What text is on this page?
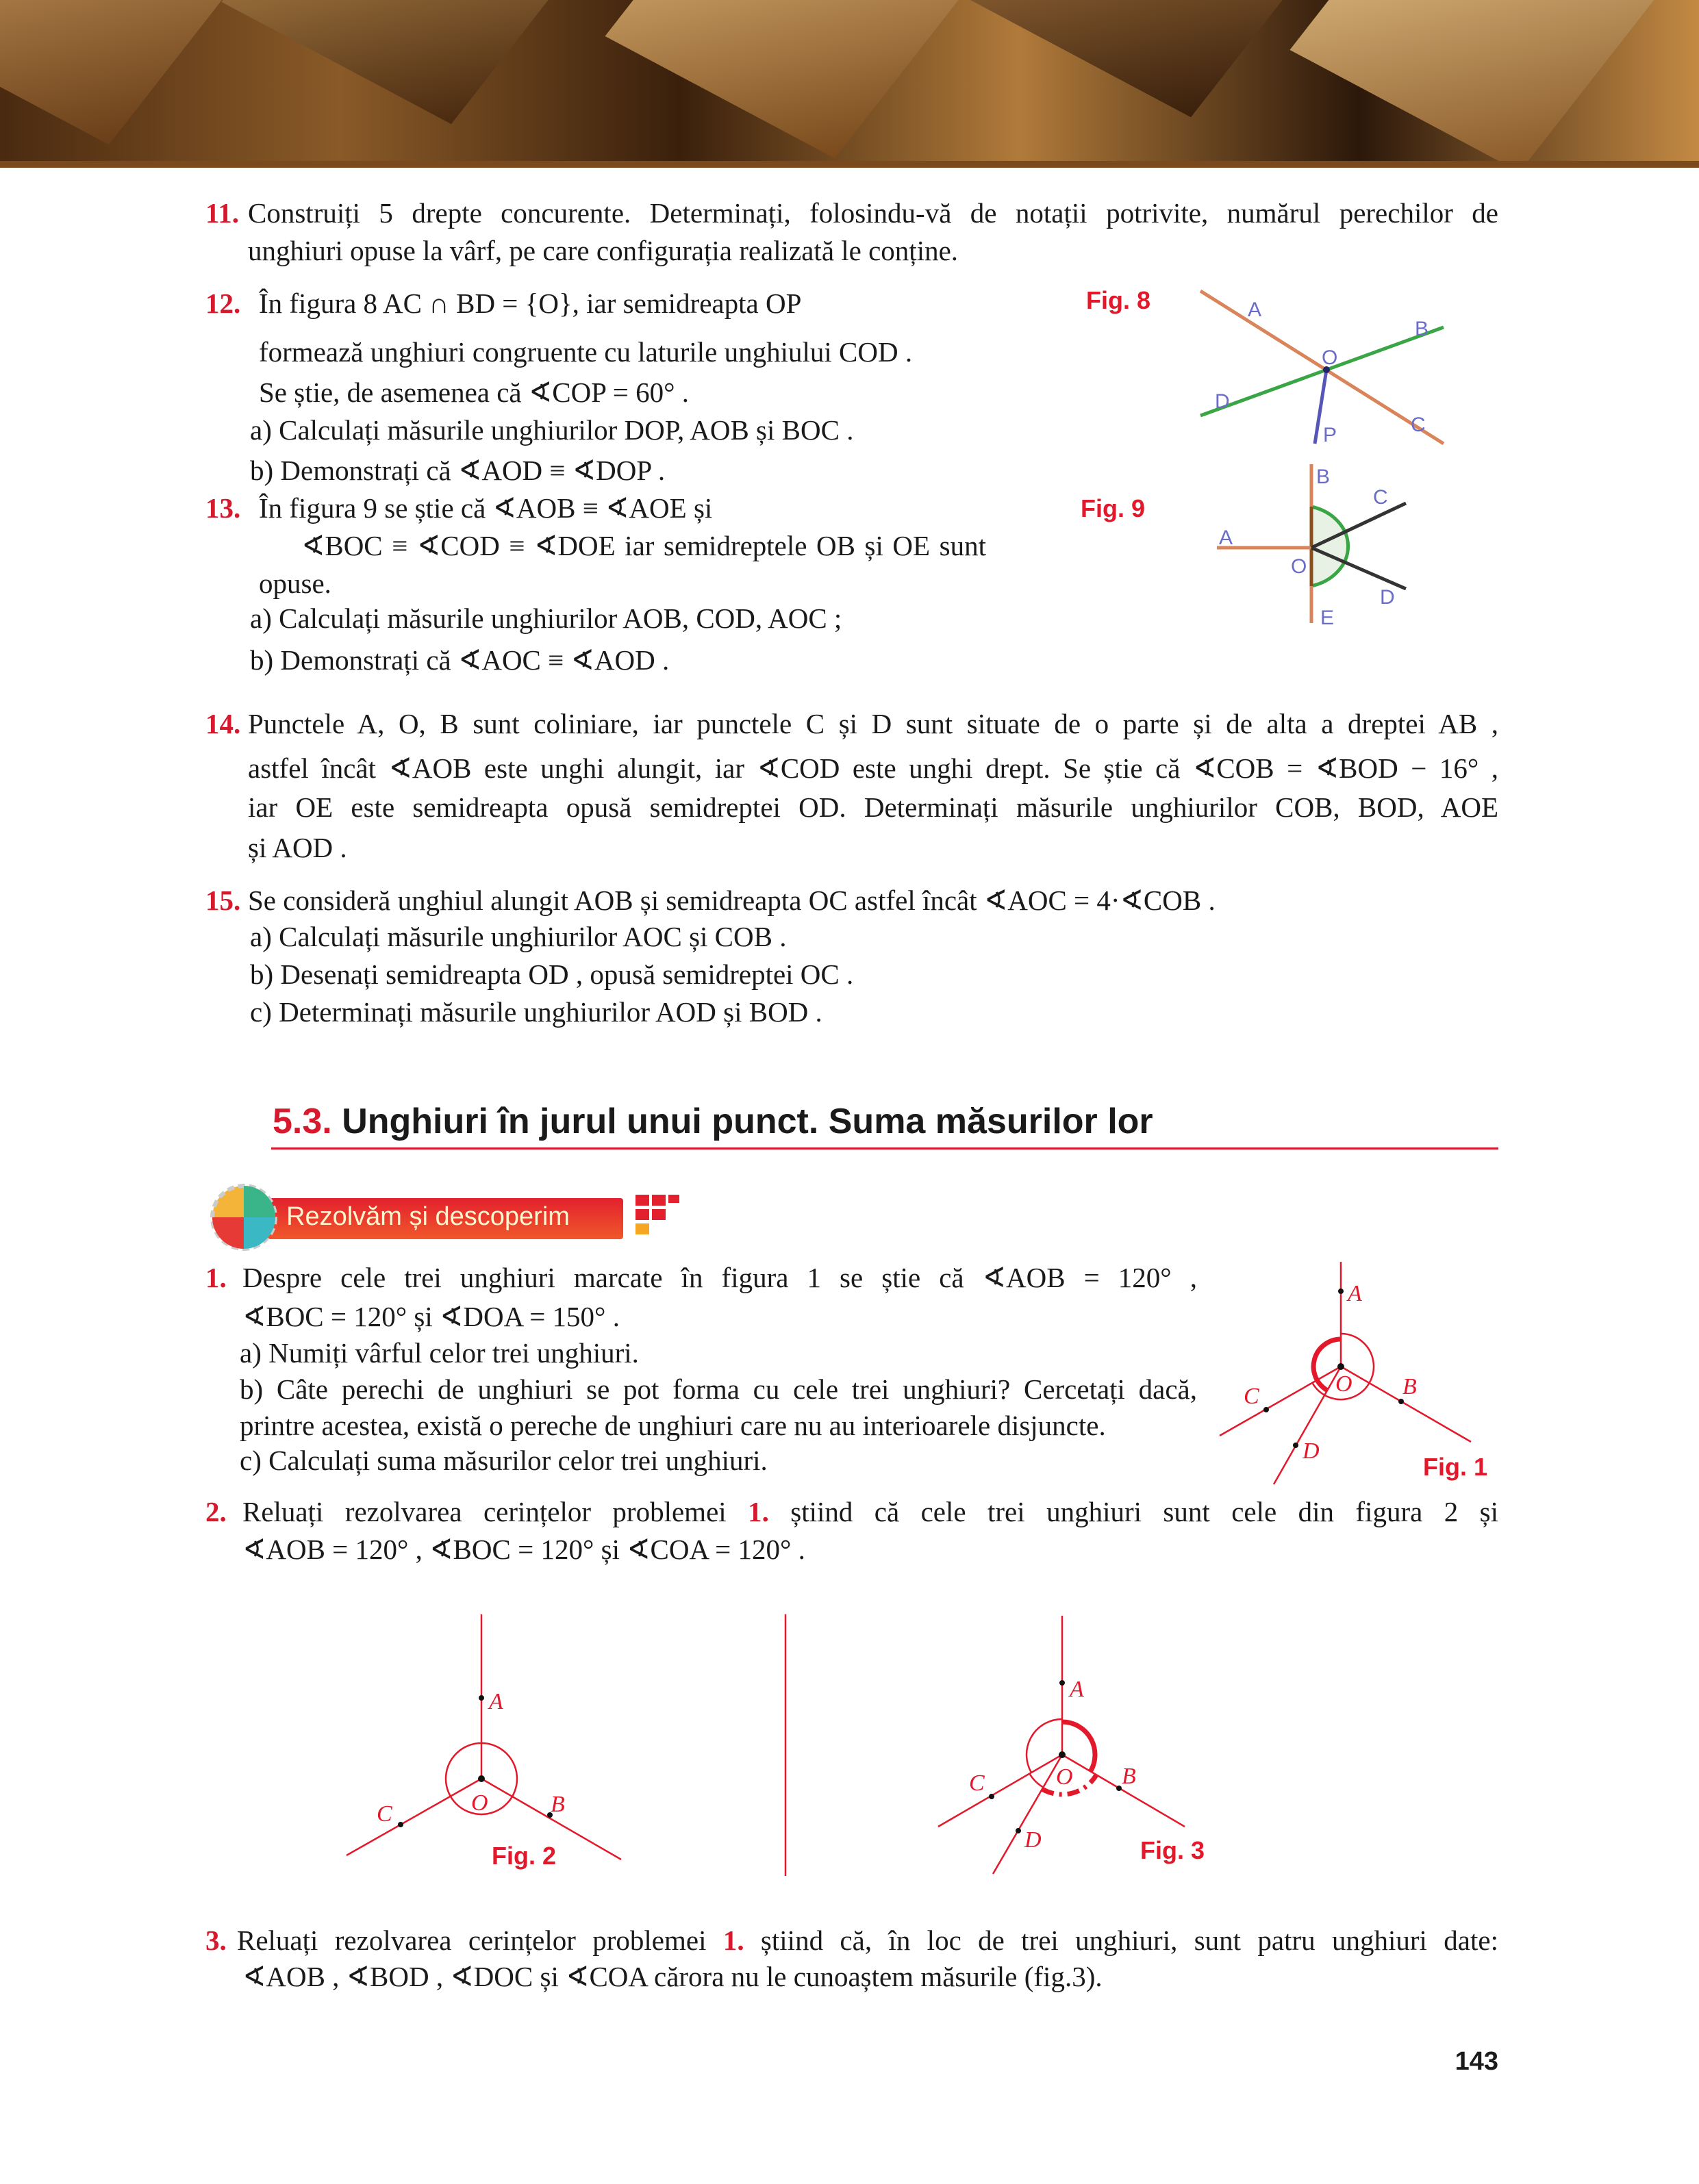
11. Construiți 5 drepte concurente. Determinați, folosindu-vă de notații potrivite, numărul perechilor de
unghiuri opuse la vârf, pe care configurația realizată le conține.
12. În figura 8 AC ∩ BD = {O}, iar semidreapta OP
formează unghiuri congruente cu laturile unghiului COD .
Se știe, de asemenea că ∢COP = 60° .
a) Calculați măsurile unghiurilor DOP, AOB și BOC .
b) Demonstrați că ∢AOD ≡ ∢DOP .
Fig. 8
13. În figura 9 se știe că ∢AOB ≡ ∢AOE și
∢BOC ≡ ∢COD ≡ ∢DOE iar semidreptele OB și OE sunt
opuse.
a) Calculați măsurile unghiurilor AOB, COD, AOC ;
b) Demonstrați că ∢AOC ≡ ∢AOD .
Fig. 9
14. Punctele A, O, B sunt coliniare, iar punctele C și D sunt situate de o parte și de alta a dreptei AB ,
astfel încât ∢AOB este unghi alungit, iar ∢COD este unghi drept. Se știe că ∢COB = ∢BOD − 16° ,
iar OE este semidreapta opusă semidreptei OD. Determinați măsurile unghiurilor COB, BOD, AOE
și AOD .
15. Se consideră unghiul alungit AOB și semidreapta OC astfel încât ∢AOC = 4·∢COB .
a) Calculați măsurile unghiurilor AOC și COB .
b) Desenați semidreapta OD , opusă semidreptei OC .
c) Determinați măsurile unghiurilor AOD și BOD .
5.3. Unghiuri în jurul unui punct. Suma măsurilor lor
Rezolvăm și descoperim
1. Despre cele trei unghiuri marcate în figura 1 se știe că ∢AOB = 120° ,
∢BOC = 120° și ∢DOA = 150° .
a) Numiți vârful celor trei unghiuri.
b) Câte perechi de unghiuri se pot forma cu cele trei unghiuri? Cercetați dacă,
printre acestea, există o pereche de unghiuri care nu au interioarele disjuncte.
c) Calculați suma măsurilor celor trei unghiuri.	Fig. 1
2. Reluați rezolvarea cerințelor problemei 1. știind că cele trei unghiuri sunt cele din figura 2 și
∢AOB = 120° , ∢BOC = 120° și ∢COA = 120° .
Fig. 2	Fig. 3
3. Reluați rezolvarea cerințelor problemei 1. știind că, în loc de trei unghiuri, sunt patru unghiuri date:
∢AOB , ∢BOD , ∢DOC și ∢COA cărora nu le cunoaștem măsurile (fig.3).
143
A
B
O
D
C
P
B
C
A
O
D
E
A
B
C
D
O
A
B
C	O
A
B
C
D
O
